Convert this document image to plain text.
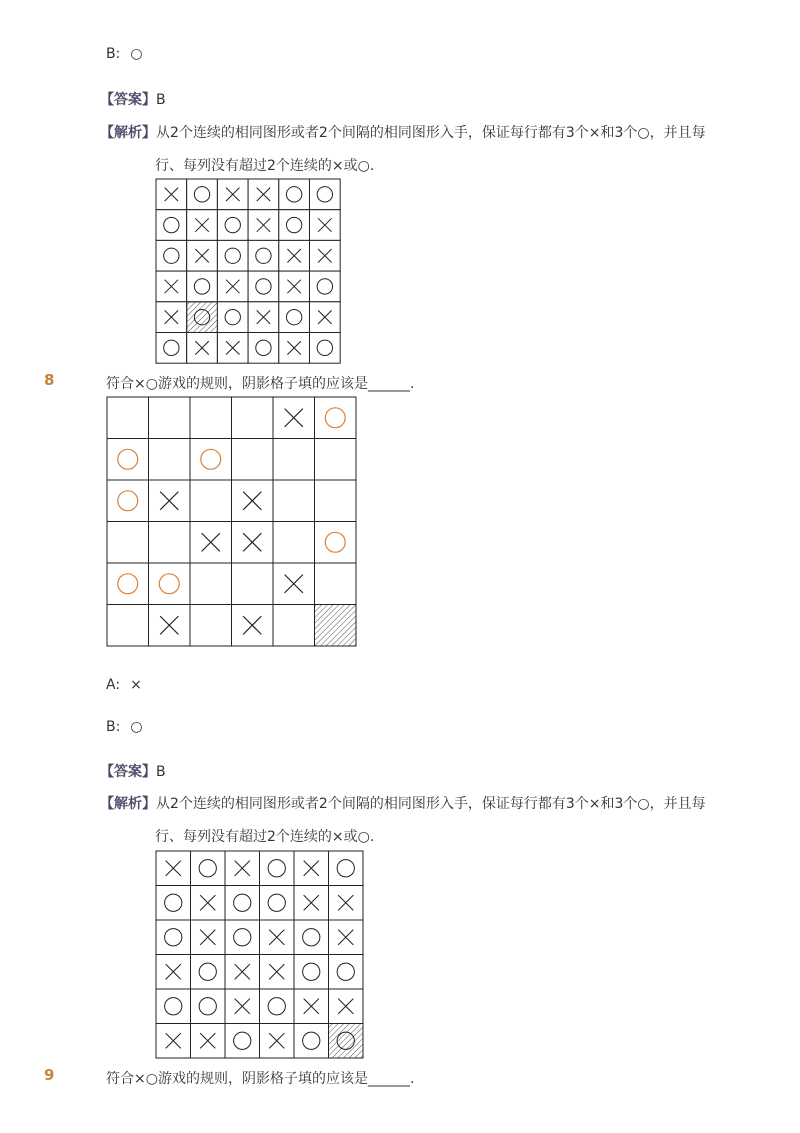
B: ○
【答案】B
【解析】从2个连续的相同图形或者2个间隔的相同图形入手，保证每行都有3个×和3个○，并且每
行、每列没有超过2个连续的×或○.
8	符合×○游戏的规则，阴影格子填的应该是______.
A: ×
B: ○
【答案】B
【解析】从2个连续的相同图形或者2个间隔的相同图形入手，保证每行都有3个×和3个○，并且每
行、每列没有超过2个连续的×或○.
9	符合×○游戏的规则，阴影格子填的应该是______.
